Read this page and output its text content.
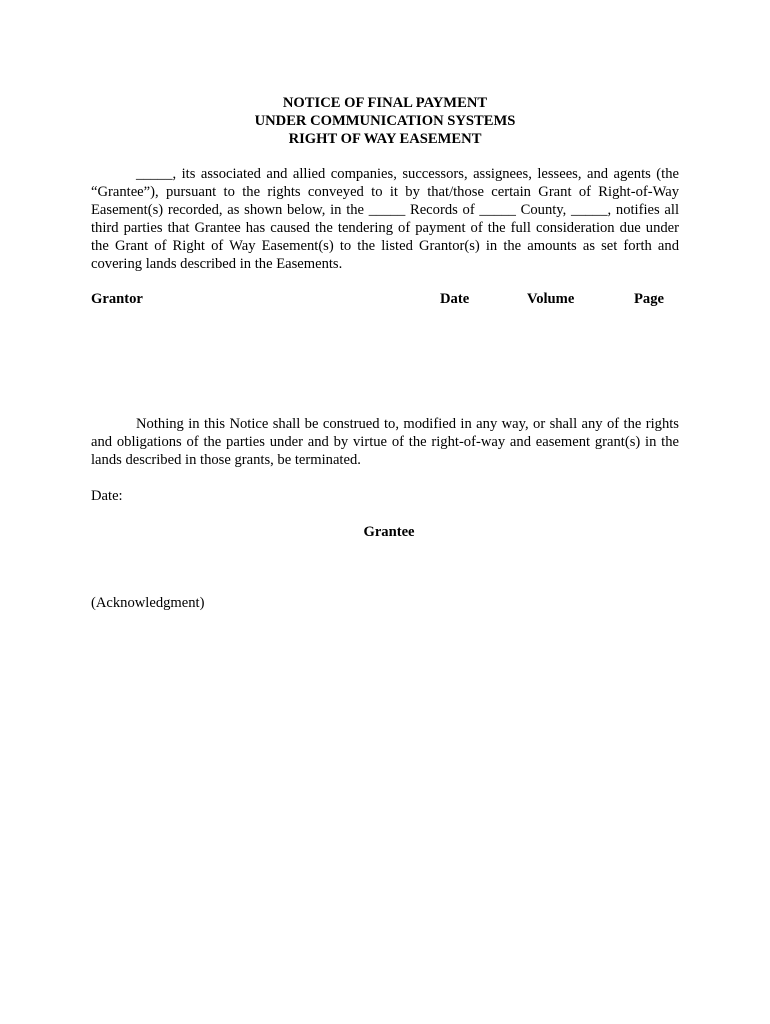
NOTICE OF FINAL PAYMENT
UNDER COMMUNICATION SYSTEMS
RIGHT OF WAY EASEMENT
_____, its associated and allied companies, successors, assignees, lessees, and agents (the “Grantee”), pursuant to the rights conveyed to it by that/those certain Grant of Right-of-Way Easement(s) recorded, as shown below, in the _____ Records of _____ County, _____, notifies all third parties that Grantee has caused the tendering of payment of the full consideration due under the Grant of Right of Way Easement(s) to the listed Grantor(s) in the amounts as set forth and covering lands described in the Easements.
Grantor	Date	Volume	Page
Nothing in this Notice shall be construed to, modified in any way, or shall any of the rights and obligations of the parties under and by virtue of the right-of-way and easement grant(s) in the lands described in those grants, be terminated.
Date:
Grantee
(Acknowledgment)
